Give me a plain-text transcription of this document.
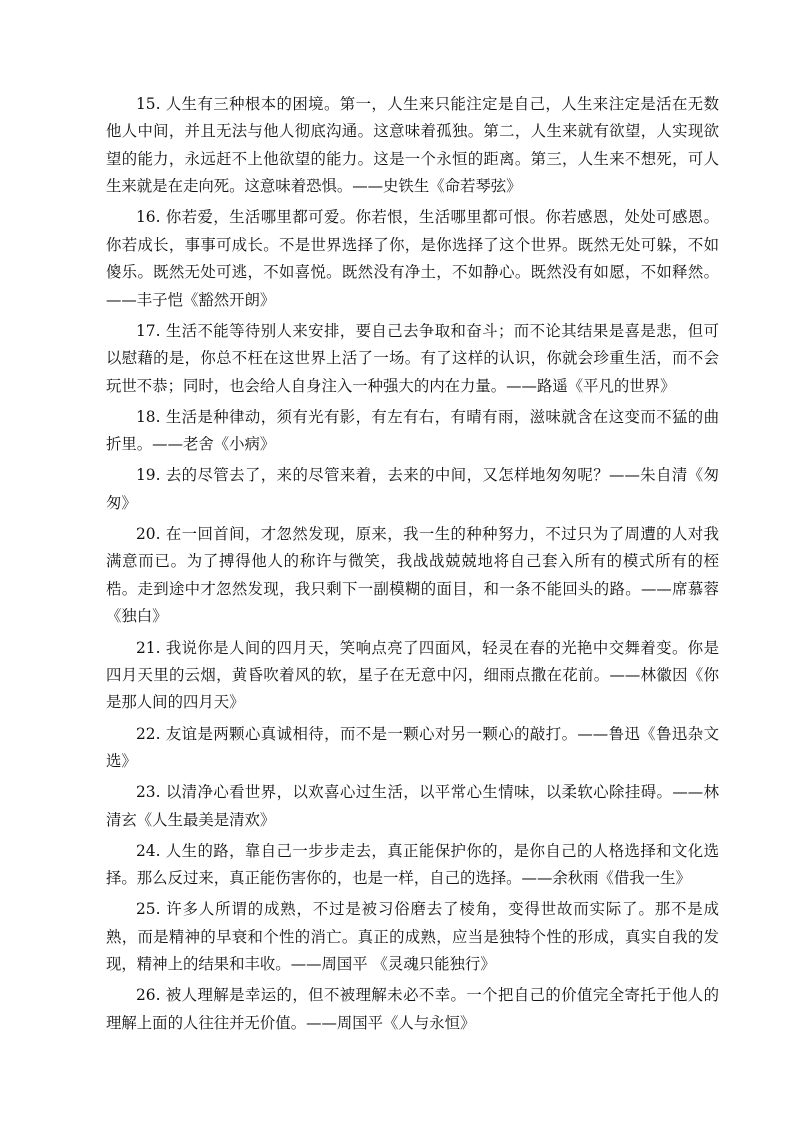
15. 人生有三种根本的困境。第一，人生来只能注定是自己，人生来注定是活在无数他人中间，并且无法与他人彻底沟通。这意味着孤独。第二，人生来就有欲望，人实现欲望的能力，永远赶不上他欲望的能力。这是一个永恒的距离。第三，人生来不想死，可人生来就是在走向死。这意味着恐惧。——史铁生《命若琴弦》

16. 你若爱，生活哪里都可爱。你若恨，生活哪里都可恨。你若感恩，处处可感恩。你若成长，事事可成长。不是世界选择了你，是你选择了这个世界。既然无处可躲，不如傻乐。既然无处可逃，不如喜悦。既然没有净土，不如静心。既然没有如愿，不如释然。——丰子恺《豁然开朗》

17. 生活不能等待别人来安排，要自己去争取和奋斗；而不论其结果是喜是悲，但可以慰藉的是，你总不枉在这世界上活了一场。有了这样的认识，你就会珍重生活，而不会玩世不恭；同时，也会给人自身注入一种强大的内在力量。——路遥《平凡的世界》

18. 生活是种律动，须有光有影，有左有右，有晴有雨，滋味就含在这变而不猛的曲折里。——老舍《小病》

19. 去的尽管去了，来的尽管来着，去来的中间，又怎样地匆匆呢？——朱自清《匆匆》

20. 在一回首间，才忽然发现，原来，我一生的种种努力，不过只为了周遭的人对我满意而已。为了搏得他人的称许与微笑，我战战兢兢地将自己套入所有的模式所有的桎梏。走到途中才忽然发现，我只剩下一副模糊的面目，和一条不能回头的路。——席慕蓉《独白》

21. 我说你是人间的四月天，笑响点亮了四面风，轻灵在春的光艳中交舞着变。你是四月天里的云烟，黄昏吹着风的软，星子在无意中闪，细雨点撒在花前。——林徽因《你是那人间的四月天》

22. 友谊是两颗心真诚相待，而不是一颗心对另一颗心的敲打。——鲁迅《鲁迅杂文选》

23. 以清净心看世界，以欢喜心过生活，以平常心生情味，以柔软心除挂碍。——林清玄《人生最美是清欢》

24. 人生的路，靠自己一步步走去，真正能保护你的，是你自己的人格选择和文化选择。那么反过来，真正能伤害你的，也是一样，自己的选择。——余秋雨《借我一生》

25. 许多人所谓的成熟，不过是被习俗磨去了棱角，变得世故而实际了。那不是成熟，而是精神的早衰和个性的消亡。真正的成熟，应当是独特个性的形成，真实自我的发现，精神上的结果和丰收。——周国平 《灵魂只能独行》

26. 被人理解是幸运的，但不被理解未必不幸。一个把自己的价值完全寄托于他人的理解上面的人往往并无价值。——周国平《人与永恒》
